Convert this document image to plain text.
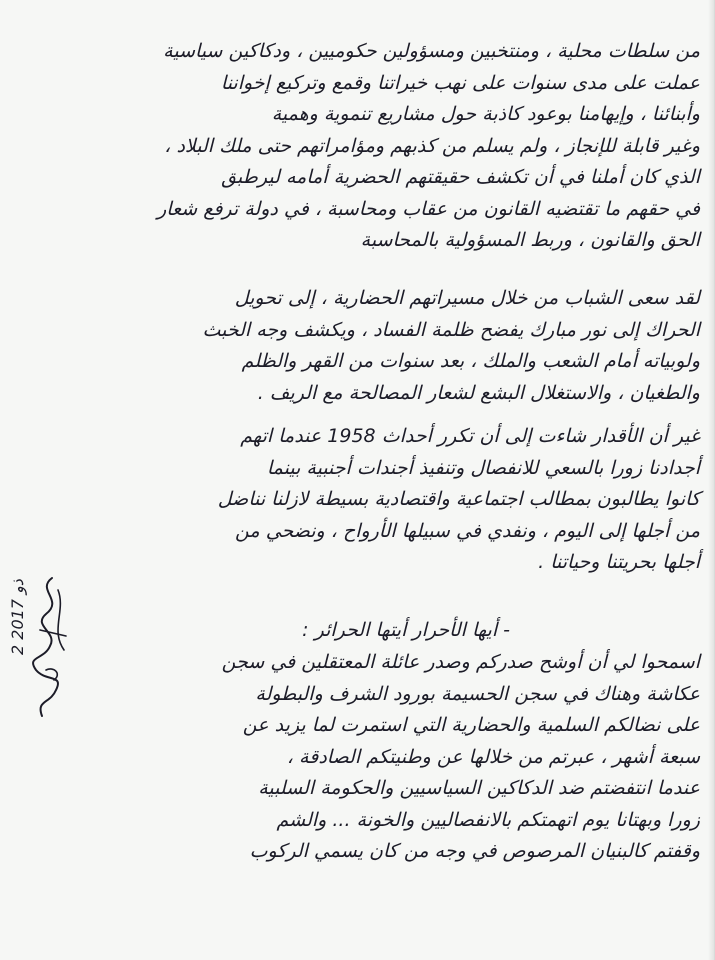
من سلطات محلية ، ومنتخبين ومسؤولين حكوميين ، ودكاكين سياسية
عملت على مدى سنوات على نهب خيراتنا وقمع وتركيع إخواننا
وأبنائنا ، وإيهامنا بوعود كاذبة حول مشاريع تنموية وهمية
وغير قابلة للإنجاز ، ولم يسلم من كذبهم ومؤامراتهم حتى ملك البلاد ،
الذي كان أملنا في أن تكشف حقيقتهم الحضرية أمامه ليرطبق
في حقهم ما تقتضيه القانون من عقاب ومحاسبة ، في دولة ترفع شعار
الحق والقانون ، وربط المسؤولية بالمحاسبة
لقد سعى الشباب من خلال مسيراتهم الحضارية ، إلى تحويل
الحراك إلى نور مبارك يفضح ظلمة الفساد ، ويكشف وجه الخبث
ولوبياته أمام الشعب والملك ، بعد سنوات من القهر والظلم
والطغيان ، والاستغلال البشع لشعار المصالحة مع الريف .
غير أن الأقدار شاءت إلى أن تكرر أحداث 1958 عندما اتهم
أجدادنا زورا بالسعي للانفصال وتنفيذ أجندات أجنبية بينما
كانوا يطالبون بمطالب اجتماعية واقتصادية بسيطة لازلنا نناضل
من أجلها إلى اليوم ، ونفدي في سبيلها الأرواح ، ونضحي من
أجلها بحريتنا وحياتنا .
- أيها الأحرار أيتها الحرائر :
اسمحوا لي أن أوشح صدركم وصدر عائلة المعتقلين في سجن
عكاشة وهناك في سجن الحسيمة بورود الشرف والبطولة
على نضالكم السلمية والحضارية التي استمرت لما يزيد عن
سبعة أشهر ، عبرتم من خلالها عن وطنيتكم الصادقة ،
عندما انتفضتم ضد الدكاكين السياسيين والحكومة السلبية
زورا وبهتانا يوم اتهمتكم بالانفصاليين والخونة ... والشم
وقفتم كالبنيان المرصوص في وجه من كان يسمي الركوب
2 ذو 2017
